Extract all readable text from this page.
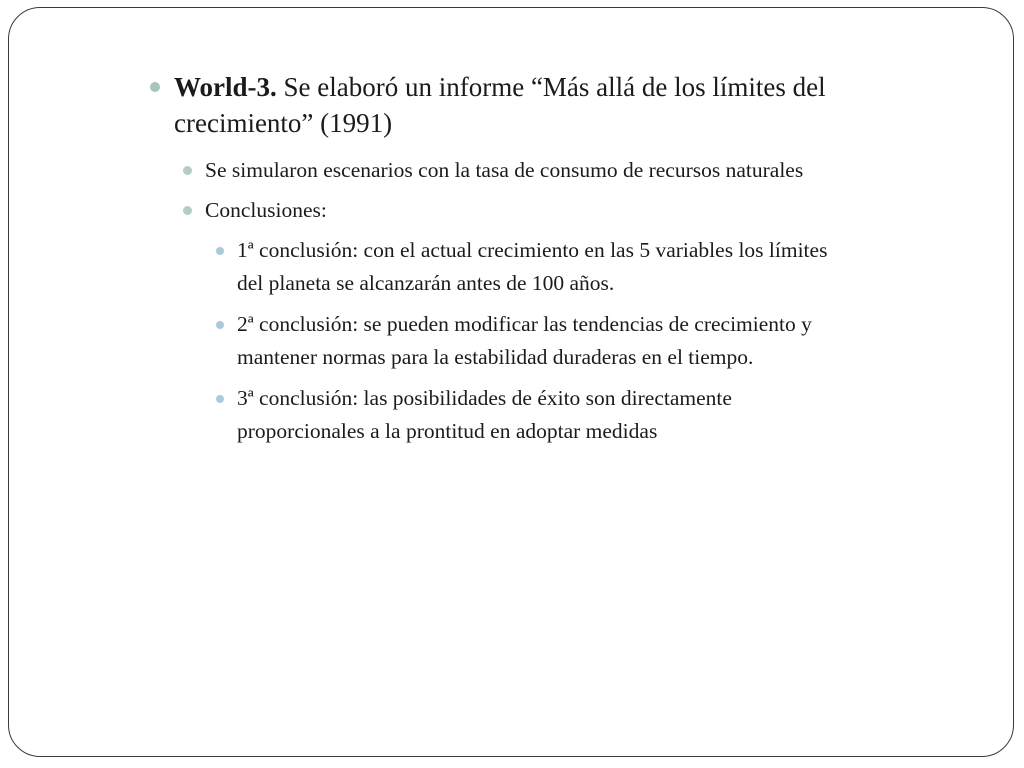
World-3. Se elaboró un informe “Más allá de los límites del
crecimiento” (1991)
Se simularon escenarios con la tasa de consumo de recursos naturales
Conclusiones:
1ª conclusión: con el actual crecimiento en las 5 variables los límites
del planeta se alcanzarán antes de 100 años.
2ª conclusión: se pueden modificar las tendencias de crecimiento y
mantener normas para la estabilidad duraderas en el tiempo.
3ª conclusión: las posibilidades de éxito son directamente
proporcionales a la prontitud en adoptar medidas
